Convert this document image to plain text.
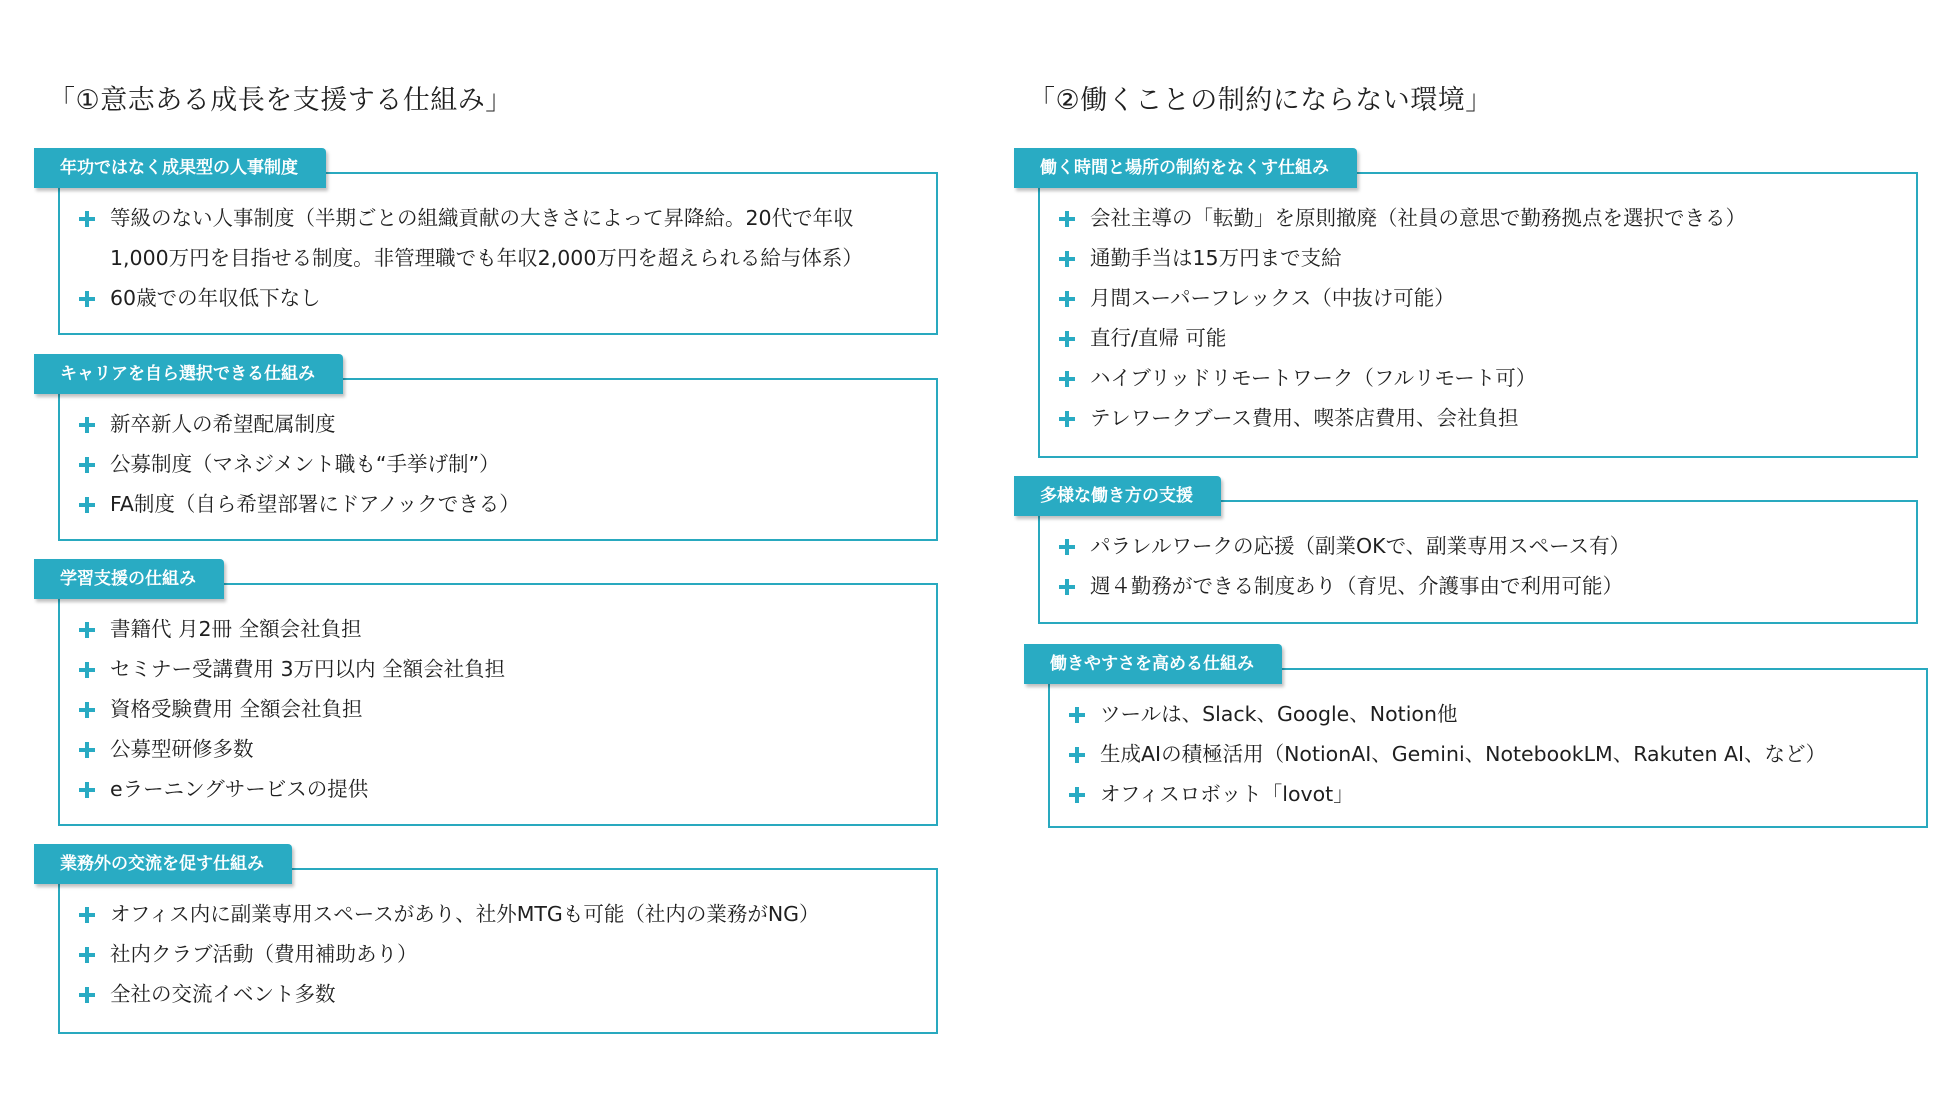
「①意志ある成長を支援する仕組み」
等級のない人事制度（半期ごとの組織貢献の大きさによって昇降給。20代で年収
1,000万円を目指せる制度。非管理職でも年収2,000万円を超えられる給与体系）
60歳での年収低下なし
年功ではなく成果型の人事制度
新卒新人の希望配属制度
公募制度（マネジメント職も“手挙げ制”）
FA制度（自ら希望部署にドアノックできる）
キャリアを自ら選択できる仕組み
書籍代 月2冊 全額会社負担
セミナー受講費用 3万円以内 全額会社負担
資格受験費用 全額会社負担
公募型研修多数
eラーニングサービスの提供
学習支援の仕組み
オフィス内に副業専用スペースがあり、社外MTGも可能（社内の業務がNG）
社内クラブ活動（費用補助あり）
全社の交流イベント多数
業務外の交流を促す仕組み
「②働くことの制約にならない環境」
会社主導の「転勤」を原則撤廃（社員の意思で勤務拠点を選択できる）
通勤手当は15万円まで支給
月間スーパーフレックス（中抜け可能）
直行/直帰 可能
ハイブリッドリモートワーク（フルリモート可）
テレワークブース費用、喫茶店費用、会社負担
働く時間と場所の制約をなくす仕組み
パラレルワークの応援（副業OKで、副業専用スペース有）
週４勤務ができる制度あり（育児、介護事由で利用可能）
多様な働き方の支援
ツールは、Slack、Google、Notion他
生成AIの積極活用（NotionAI、Gemini、NotebookLM、Rakuten AI、など）
オフィスロボット「lovot」
働きやすさを高める仕組み
